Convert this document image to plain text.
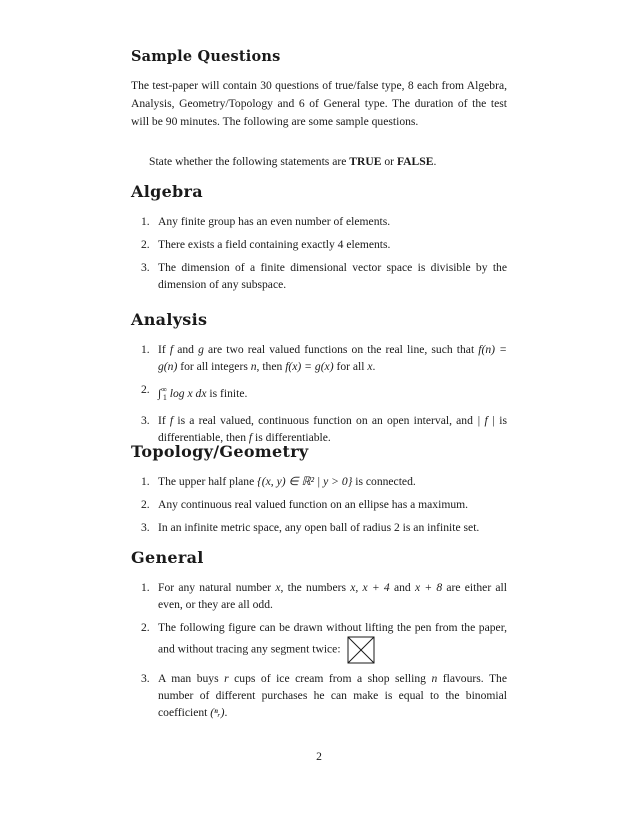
Sample Questions

The test-paper will contain 30 questions of true/false type, 8 each from Algebra, Analysis, Geometry/Topology and 6 of General type. The duration of the test will be 90 minutes. The following are some sample questions.

State whether the following statements are TRUE or FALSE.

Algebra
1. Any finite group has an even number of elements.
2. There exists a field containing exactly 4 elements.
3. The dimension of a finite dimensional vector space is divisible by the dimension of any subspace.
Analysis
1. If f and g are two real valued functions on the real line, such that f(n) = g(n) for all integers n, then f(x) = g(x) for all x.
2. $\int^\infty_1$ log x dx is finite.
3. If f is a real valued, continuous function on an open interval, and | f | is differentiable, then f is differentiable.
Topology/Geometry
1. The upper half plane {(x, y) ∈ ℝ² | y > 0} is connected.
2. Any continuous real valued function on an ellipse has a maximum.
3. In an infinite metric space, any open ball of radius 2 is an infinite set.
General
1. For any natural number x, the numbers x, x + 4 and x + 8 are either all even, or they are all odd.
2. The following figure can be drawn without lifting the pen from the paper, and without tracing any segment twice:
3. A man buys r cups of ice cream from a shop selling n flavours. The number of different purchases he can make is equal to the binomial coefficient (ⁿᵣ).
2
